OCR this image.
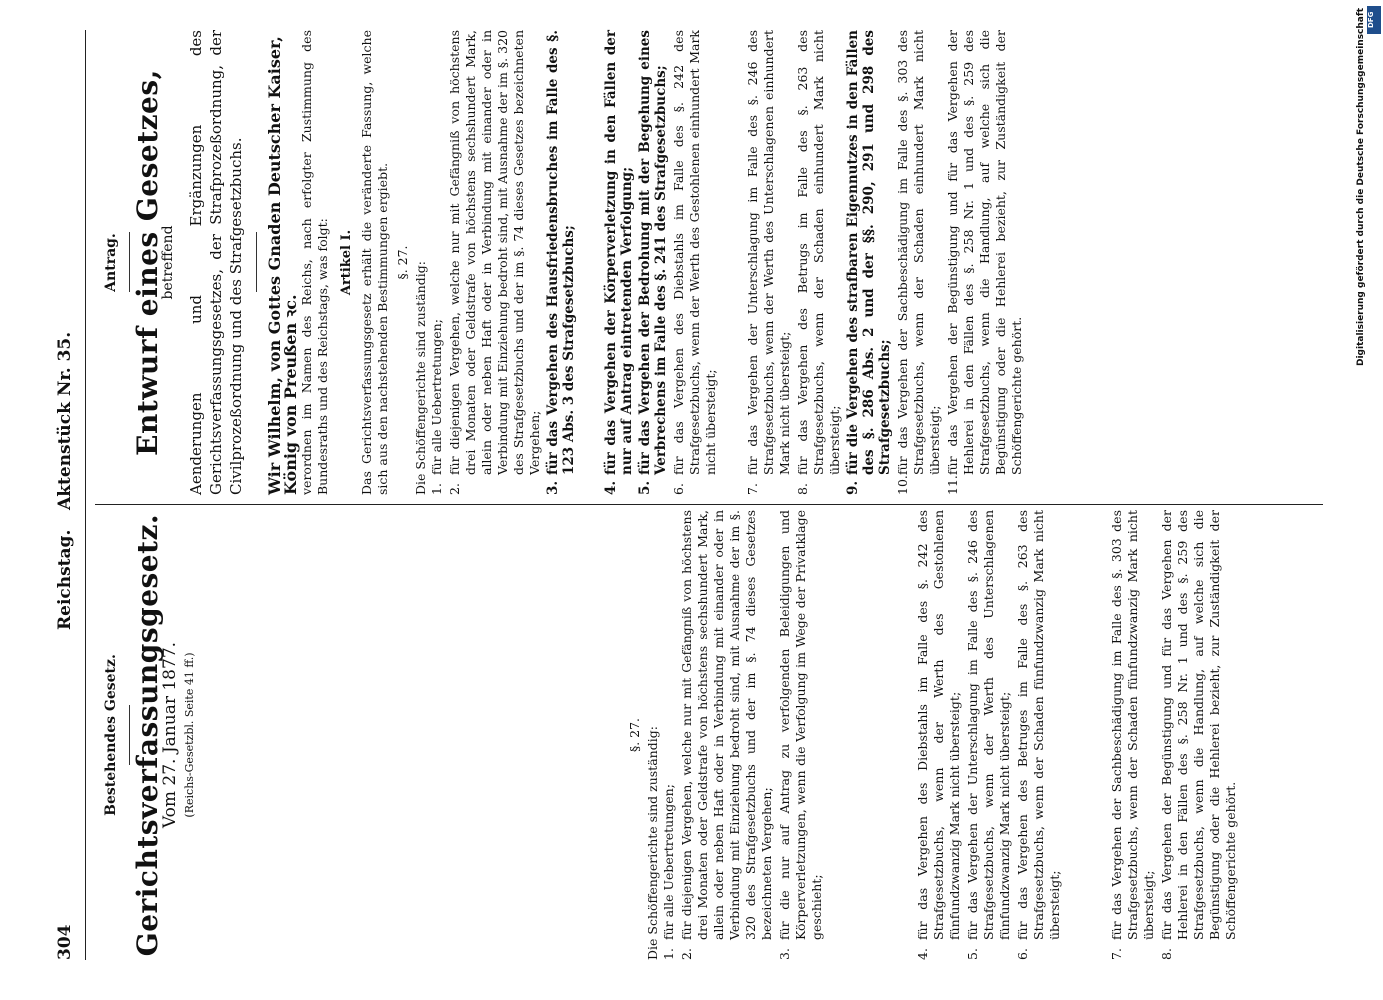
304
Reichstag.
Aktenstück Nr. 35.
Bestehendes Gesetz. Gerichtsverfassungsgesetz.
Vom 27. Januar 1877. (Reichs-Gesetzbl. Seite 41 ff.)	§. 27. Die Schöffengerichte sind zuständig: 1.
für alle Uebertretungen;
2.
für diejenigen Vergehen, welche nur mit Gefängniß von höchstens drei Monaten oder Geldstrafe von höchstens sechshundert Mark, allein oder neben Haft oder in Verbindung mit einander oder in Verbindung mit Einziehung bedroht sind, mit Ausnahme der im §. 320 des Strafgesetzbuchs und der im §. 74 dieses Gesetzes bezeichneten Vergehen;
3.
für die nur auf Antrag zu verfolgenden Beleidigungen und Körperverletzungen, wenn die Verfolgung im Wege der Privatklage geschieht;
4.
für das Vergehen des Diebstahls im Falle des §. 242 des Strafgesetzbuchs, wenn der Werth des Gestohlenen fünfundzwanzig Mark nicht übersteigt;
5.
für das Vergehen der Unterschlagung im Falle des §. 246 des Strafgesetzbuchs, wenn der Werth des Unterschlagenen fünfundzwanzig Mark nicht übersteigt;
6.
für das Vergehen des Betruges im Falle des §. 263 des Strafgesetzbuchs, wenn der Schaden fünfundzwanzig Mark nicht übersteigt;
7.
für das Vergehen der Sachbeschädigung im Falle des §. 303 des Strafgesetzbuchs, wenn der Schaden fünfundzwanzig Mark nicht übersteigt;
8.
für das Vergehen der Begünstigung und für das Vergehen der Hehlerei in den Fällen des §. 258 Nr. 1 und des §. 259 des Strafgesetzbuchs, wenn die Handlung, auf welche sich die Begünstigung oder die Hehlerei bezieht, zur Zuständigkeit der Schöffengerichte gehört.
Antrag. Entwurf eines Gesetzes,
betreffend Aenderungen und Ergänzungen des Gerichtsverfassungsgesetzes, der Strafprozeßordnung, der Civilprozeßordnung und des Strafgesetzbuchs. Wir Wilhelm, von Gottes Gnaden Deutscher Kaiser, König von Preußen ꝛc. verordnen im Namen des Reichs, nach erfolgter Zustimmung des Bundesraths und des Reichstags, was folgt: Artikel I. Das Gerichtsverfassungsgesetz erhält die veränderte Fassung, welche sich aus den nachstehenden Bestimmungen ergiebt. §. 27. Die Schöffengerichte sind zuständig: 1.
für alle Uebertretungen;
2.
für diejenigen Vergehen, welche nur mit Gefängniß von höchstens drei Monaten oder Geldstrafe von höchstens sechshundert Mark, allein oder neben Haft oder in Verbindung mit einander oder in Verbindung mit Einziehung bedroht sind, mit Ausnahme der im §. 320 des Strafgesetzbuchs und der im §. 74 dieses Gesetzes bezeichneten Vergehen;
3.
für das Vergehen des Hausfriedensbruches im Falle des §. 123 Abs. 3 des Strafgesetzbuchs;
4.
für das Vergehen der Körperverletzung in den Fällen der nur auf Antrag eintretenden Verfolgung;
5.
für das Vergehen der Bedrohung mit der Begehung eines Verbrechens im Falle des §. 241 des Strafgesetzbuchs;
6.
für das Vergehen des Diebstahls im Falle des §. 242 des Strafgesetzbuchs, wenn der Werth des Gestohlenen einhundert Mark nicht übersteigt;
7.
für das Vergehen der Unterschlagung im Falle des §. 246 des Strafgesetzbuchs, wenn der Werth des Unterschlagenen einhundert Mark nicht übersteigt;
8.
für das Vergehen des Betrugs im Falle des §. 263 des Strafgesetzbuchs, wenn der Schaden einhundert Mark nicht übersteigt;
9.
für die Vergehen des strafbaren Eigennutzes in den Fällen des §. 286 Abs. 2 und der §§. 290, 291 und 298 des Strafgesetzbuchs;
10.
für das Vergehen der Sachbeschädigung im Falle des §. 303 des Strafgesetzbuchs, wenn der Schaden einhundert Mark nicht übersteigt;
11.
für das Vergehen der Begünstigung und für das Vergehen der Hehlerei in den Fällen des §. 258 Nr. 1 und des §. 259 des Strafgesetzbuchs, wenn die Handlung, auf welche sich die Begünstigung oder die Hehlerei bezieht, zur Zuständigkeit der Schöffengerichte gehört.
Digitalisierung gefördert durch die Deutsche Forschungsgemeinschaft DFG
